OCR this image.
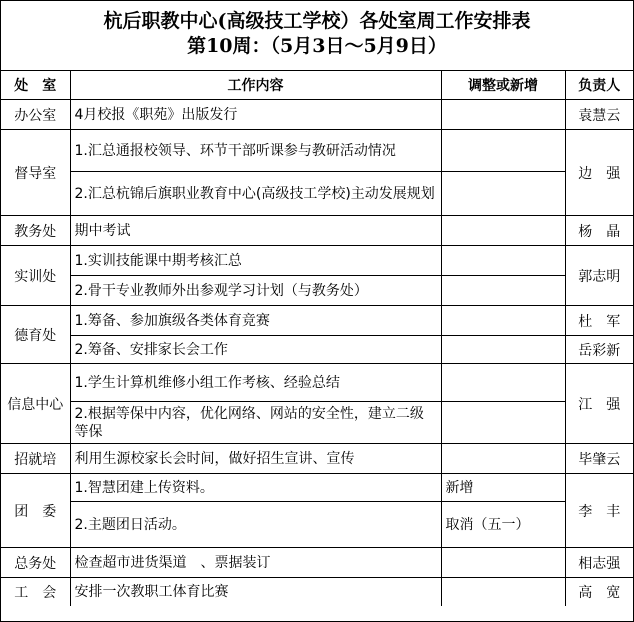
杭后职教中心(高级技工学校）各处室周工作安排表
第10周：（5月3日～5月9日）
处　室	工作内容	调整或新增	负责人
办公室	4月校报《职苑》出版发行		袁慧云
督导室	1.汇总通报校领导、环节干部听课参与教研活动情况		边　强
	2.汇总杭锦后旗职业教育中心(高级技工学校)主动发展规划		
教务处	期中考试		杨　晶
实训处	1.实训技能课中期考核汇总		郭志明
	2.骨干专业教师外出参观学习计划（与教务处）		
德育处	1.筹备、参加旗级各类体育竞赛		杜　军
	2.筹备、安排家长会工作		岳彩新
信息中心	1.学生计算机维修小组工作考核、经验总结		江　强
	2.根据等保中内容，优化网络、网站的安全性，建立二级等保		
招就培	利用生源校家长会时间，做好招生宣讲、宣传		毕肇云
团　委	1.智慧团建上传资料。	新增	李　丰
	2.主题团日活动。	取消（五一）	
总务处	检查超市进货渠道　、票据装订		相志强
工　会	安排一次教职工体育比赛		高　宽
